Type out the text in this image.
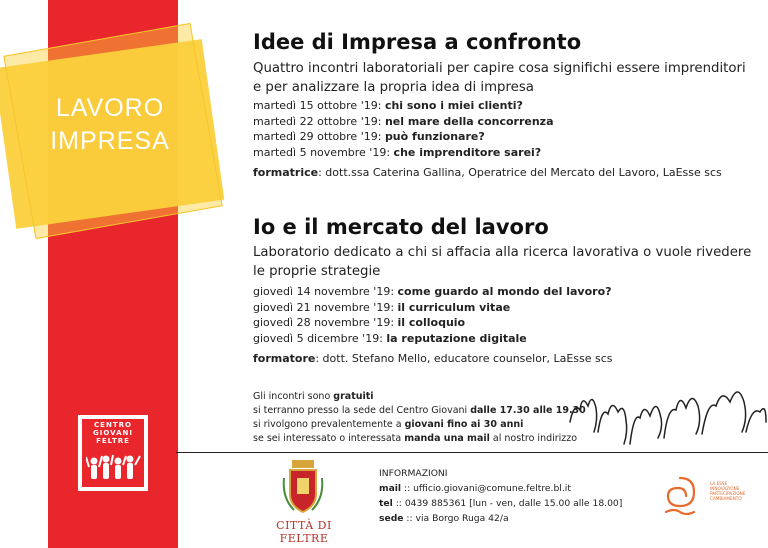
LAVORO
IMPRESA
CENTRO
GIOVANI
FELTRE
Idee di Impresa a confronto
Quattro incontri laboratoriali per capire cosa significhi essere imprenditori
e per analizzare la propria idea di impresa
martedì 15 ottobre '19: chi sono i miei clienti?
martedì 22 ottobre '19: nel mare della concorrenza
martedì 29 ottobre '19: può funzionare?
martedì 5 novembre '19: che imprenditore sarei?
formatrice: dott.ssa Caterina Gallina, Operatrice del Mercato del Lavoro, LaEsse scs
Io e il mercato del lavoro
Laboratorio dedicato a chi si affacia alla ricerca lavorativa o vuole rivedere
le proprie strategie
giovedì 14 novembre '19: come guardo al mondo del lavoro?
giovedì 21 novembre '19: il curriculum vitae
giovedì 28 novembre '19: il colloquio
giovedì 5 dicembre '19: la reputazione digitale
formatore: dott. Stefano Mello, educatore counselor, LaEsse scs
Gli incontri sono gratuiti
si terranno presso la sede del Centro Giovani dalle 17.30 alle 19.30
si rivolgono prevalentemente a giovani fino ai 30 anni
se sei interessato o interessata manda una mail al nostro indirizzo
CITTÀ DI FELTRE
INFORMAZIONI
mail :: ufficio.giovani@comune.feltre.bl.it
tel :: 0439 885361 [lun - ven, dalle 15.00 alle 18.00]
sede :: via Borgo Ruga 42/a
LA ESSE
INNOVAZIONE
PARTECIPAZIONE
CAMBIAMENTO
